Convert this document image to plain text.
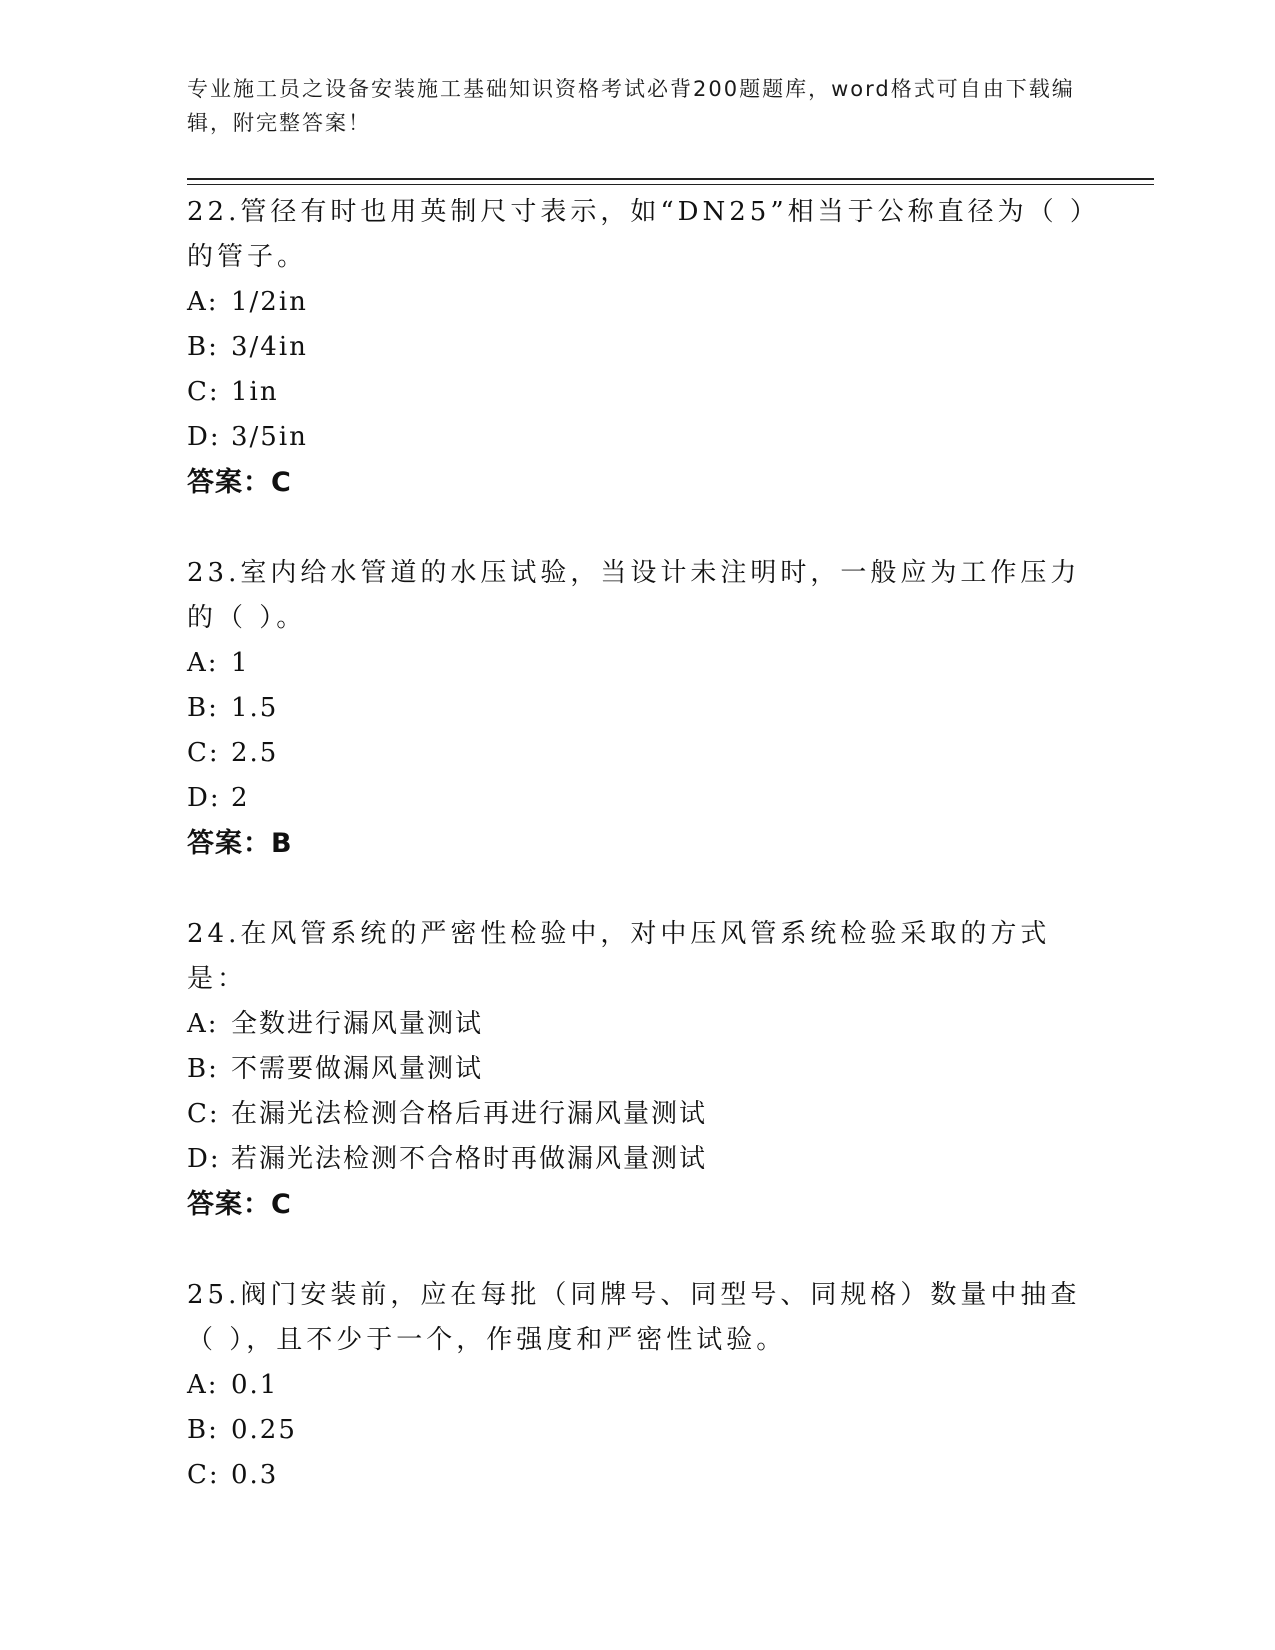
专业施工员之设备安装施工基础知识资格考试必背200题题库，word格式可自由下载编辑，附完整答案！

22.管径有时也用英制尺寸表示，如“DN25”相当于公称直径为（ ）的管子。

A: 1/2in
B: 3/4in
C: 1in
D: 3/5in
答案：C

23.室内给水管道的水压试验，当设计未注明时，一般应为工作压力的（ ）。

A: 1
B: 1.5
C: 2.5
D: 2
答案：B

24.在风管系统的严密性检验中，对中压风管系统检验采取的方式是：

A: 全数进行漏风量测试
B: 不需要做漏风量测试
C: 在漏光法检测合格后再进行漏风量测试
D: 若漏光法检测不合格时再做漏风量测试
答案：C

25.阀门安装前，应在每批（同牌号、同型号、同规格）数量中抽查（ ），且不少于一个，作强度和严密性试验。

A: 0.1
B: 0.25
C: 0.3
